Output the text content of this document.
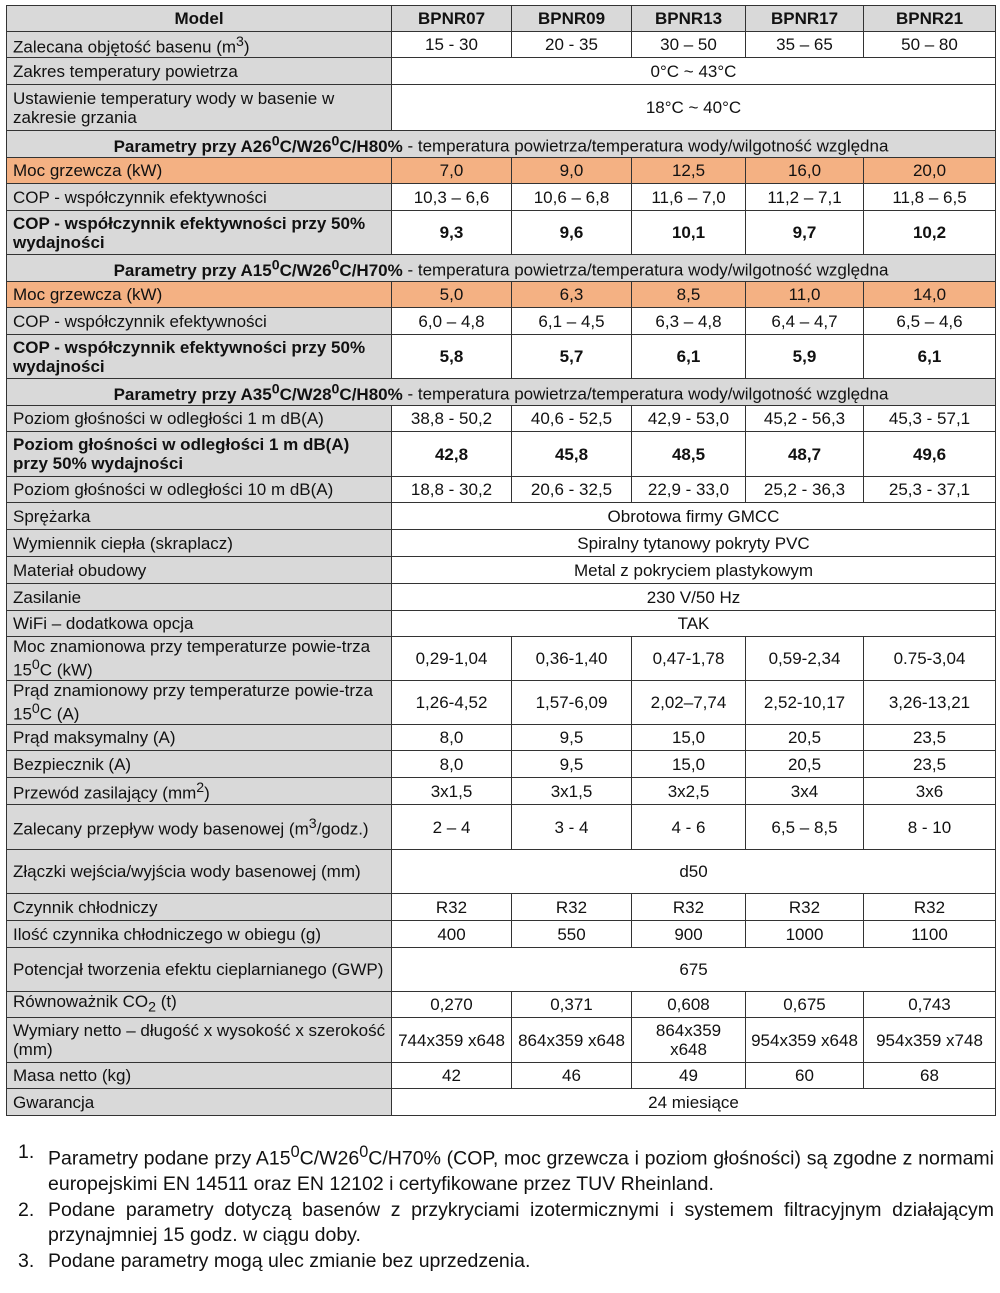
Model	BPNR07	BPNR09	BPNR13	BPNR17	BPNR21
Zalecana objętość basenu $(m^3)$	15 - 30	20 - 35	30 – 50	35 – 65	50 – 80
Zakres temperatury powietrza	0°C ~ 43°C				
Ustawienie temperatury wody w basenie w zakresie grzania	18°C ~ 40°C				
Parametry przy $A26^0C/W26^0C/H80\%$ - temperatura powietrza/temperatura wody/wilgotność względna					
Moc grzewcza (kW)	7,0	9,0	12,5	16,0	20,0
COP - współczynnik efektywności	10,3 – 6,6	10,6 – 6,8	11,6 – 7,0	11,2 – 7,1	11,8 – 6,5
COP - współczynnik efektywności przy 50% wydajności	9,3	9,6	10,1	9,7	10,2
Parametry przy $A15^0C/W26^0C/H70\%$ - temperatura powietrza/temperatura wody/wilgotność względna					
Moc grzewcza (kW)	5,0	6,3	8,5	11,0	14,0
COP - współczynnik efektywności	6,0 – 4,8	6,1 – 4,5	6,3 – 4,8	6,4 – 4,7	6,5 – 4,6
COP - współczynnik efektywności przy 50% wydajności	5,8	5,7	6,1	5,9	6,1
Parametry przy $A35^0C/W28^0C/H80\%$ - temperatura powietrza/temperatura wody/wilgotność względna					
Poziom głośności w odległości 1 m dB(A)	38,8 - 50,2	40,6 - 52,5	42,9 - 53,0	45,2 - 56,3	45,3 - 57,1
Poziom głośności w odległości 1 m dB(A) przy 50% wydajności	42,8	45,8	48,5	48,7	49,6
Poziom głośności w odległości 10 m dB(A)	18,8 - 30,2	20,6 - 32,5	22,9 - 33,0	25,2 - 36,3	25,3 - 37,1
Sprężarka	Obrotowa firmy GMCC				
Wymiennik ciepła (skraplacz)	Spiralny tytanowy pokryty PVC				
Materiał obudowy	Metal z pokryciem plastykowym				
Zasilanie	230 V/50 Hz				
WiFi – dodatkowa opcja	TAK				
Moc znamionowa przy temperaturze powie-trza $15^0C$ (kW)	0,29-1,04	0,36-1,40	0,47-1,78	0,59-2,34	0.75-3,04
Prąd znamionowy przy temperaturze powie-trza $15^0C$ (A)	1,26-4,52	1,57-6,09	2,02–7,74	2,52-10,17	3,26-13,21
Prąd maksymalny (A)	8,0	9,5	15,0	20,5	23,5
Bezpiecznik (A)	8,0	9,5	15,0	20,5	23,5
Przewód zasilający $(mm^2)$	3x1,5	3x1,5	3x2,5	3x4	3x6
Zalecany przepływ wody basenowej $(m^3/godz.)$	2 – 4	3 - 4	4 - 6	6,5 – 8,5	8 - 10
Złączki wejścia/wyjścia wody basenowej (mm)	d50				
Czynnik chłodniczy	R32	R32	R32	R32	R32
Ilość czynnika chłodniczego w obiegu (g)	400	550	900	1000	1100
Potencjał tworzenia efektu cieplarnianego (GWP)	675				
Równoważnik $CO_2$ (t)	0,270	0,371	0,608	0,675	0,743
Wymiary netto – długość x wysokość x szerokość (mm)	744x359 x648	864x359 x648	864x359 x648	954x359 x648	954x359 x748
Masa netto (kg)	42	46	49	60	68
Gwarancja	24 miesiące				
1. Parametry podane przy $A15^0C/W26^0C/H70\%$ (COP, moc grzewcza i poziom głośności) są zgodne z normami europejskimi EN 14511 oraz EN 12102 i certyfikowane przez TUV Rheinland.
2. Podane parametry dotyczą basenów z przykryciami izotermicznymi i systemem filtracyjnym działającym przynajmniej 15 godz. w ciągu doby.
3. Podane parametry mogą ulec zmianie bez uprzedzenia.
